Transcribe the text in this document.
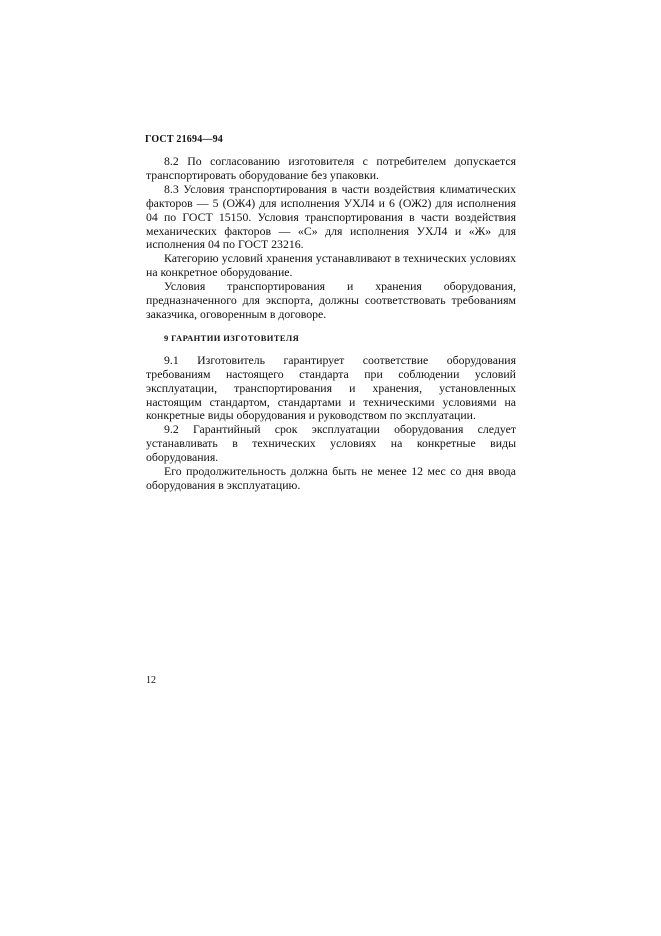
ГОСТ 21694—94

8.2 По согласованию изготовителя с потребителем допускается транспортировать оборудование без упаковки.

8.3 Условия транспортирования в части воздействия климатических факторов — 5 (ОЖ4) для исполнения УХЛ4 и 6 (ОЖ2) для исполнения 04 по ГОСТ 15150. Условия транспортирования в части воздействия механических факторов — «С» для исполнения УХЛ4 и «Ж» для исполнения 04 по ГОСТ 23216.

Категорию условий хранения устанавливают в технических условиях на конкретное оборудование.

Условия транспортирования и хранения оборудования, предназначенного для экспорта, должны соответствовать требованиям заказчика, оговоренным в договоре.

9 ГАРАНТИИ ИЗГОТОВИТЕЛЯ

9.1 Изготовитель гарантирует соответствие оборудования требованиям настоящего стандарта при соблюдении условий эксплуатации, транспортирования и хранения, установленных настоящим стандартом, стандартами и техническими условиями на конкретные виды оборудования и руководством по эксплуатации.

9.2 Гарантийный срок эксплуатации оборудования следует устанавливать в технических условиях на конкретные виды оборудования.

Его продолжительность должна быть не менее 12 мес со дня ввода оборудования в эксплуатацию.

12
